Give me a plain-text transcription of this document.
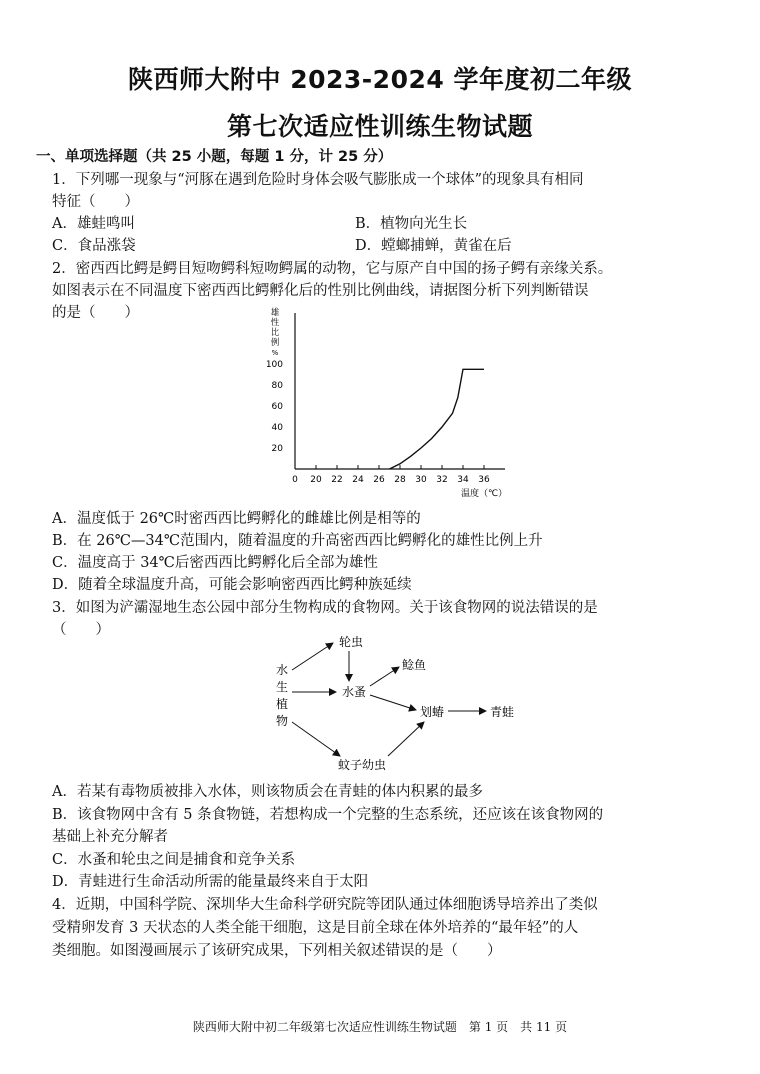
陕西师大附中 2023-2024 学年度初二年级
第七次适应性训练生物试题
一、单项选择题（共 25 小题，每题 1 分，计 25 分）
1．下列哪一现象与“河豚在遇到危险时身体会吸气膨胀成一个球体”的现象具有相同
特征（　　）
A．雄蛙鸣叫	B．植物向光生长
C．食品涨袋	D．螳螂捕蝉，黄雀在后
2．密西西比鳄是鳄目短吻鳄科短吻鳄属的动物，它与原产自中国的扬子鳄有亲缘关系。
如图表示在不同温度下密西西比鳄孵化后的性别比例曲线，请据图分析下列判断错误
的是（　　）	雄
性
比
例
%
0 20 22 24 26 28 30 32 34 36
20
40
60
80
100
温度（℃）
A．温度低于 26℃时密西西比鳄孵化的雌雄比例是相等的
B．在 26℃—34℃范围内，随着温度的升高密西西比鳄孵化的雄性比例上升
C．温度高于 34℃后密西西比鳄孵化后全部为雄性
D．随着全球温度升高，可能会影响密西西比鳄种族延续
3．如图为浐灞湿地生态公园中部分生物构成的食物网。关于该食物网的说法错误的是
（　　）
水
生
植
物
轮虫
水蚤
鲶鱼
划蝽	青蛙
蚊子幼虫
A．若某有毒物质被排入水体，则该物质会在青蛙的体内积累的最多
B．该食物网中含有 5 条食物链，若想构成一个完整的生态系统，还应该在该食物网的
基础上补充分解者
C．水蚤和轮虫之间是捕食和竞争关系
D．青蛙进行生命活动所需的能量最终来自于太阳
4．近期，中国科学院、深圳华大生命科学研究院等团队通过体细胞诱导培养出了类似
受精卵发育 3 天状态的人类全能干细胞，这是目前全球在体外培养的“最年轻”的人
类细胞。如图漫画展示了该研究成果，下列相关叙述错误的是（　　）
陕西师大附中初二年级第七次适应性训练生物试题　第 1 页　共 11 页
